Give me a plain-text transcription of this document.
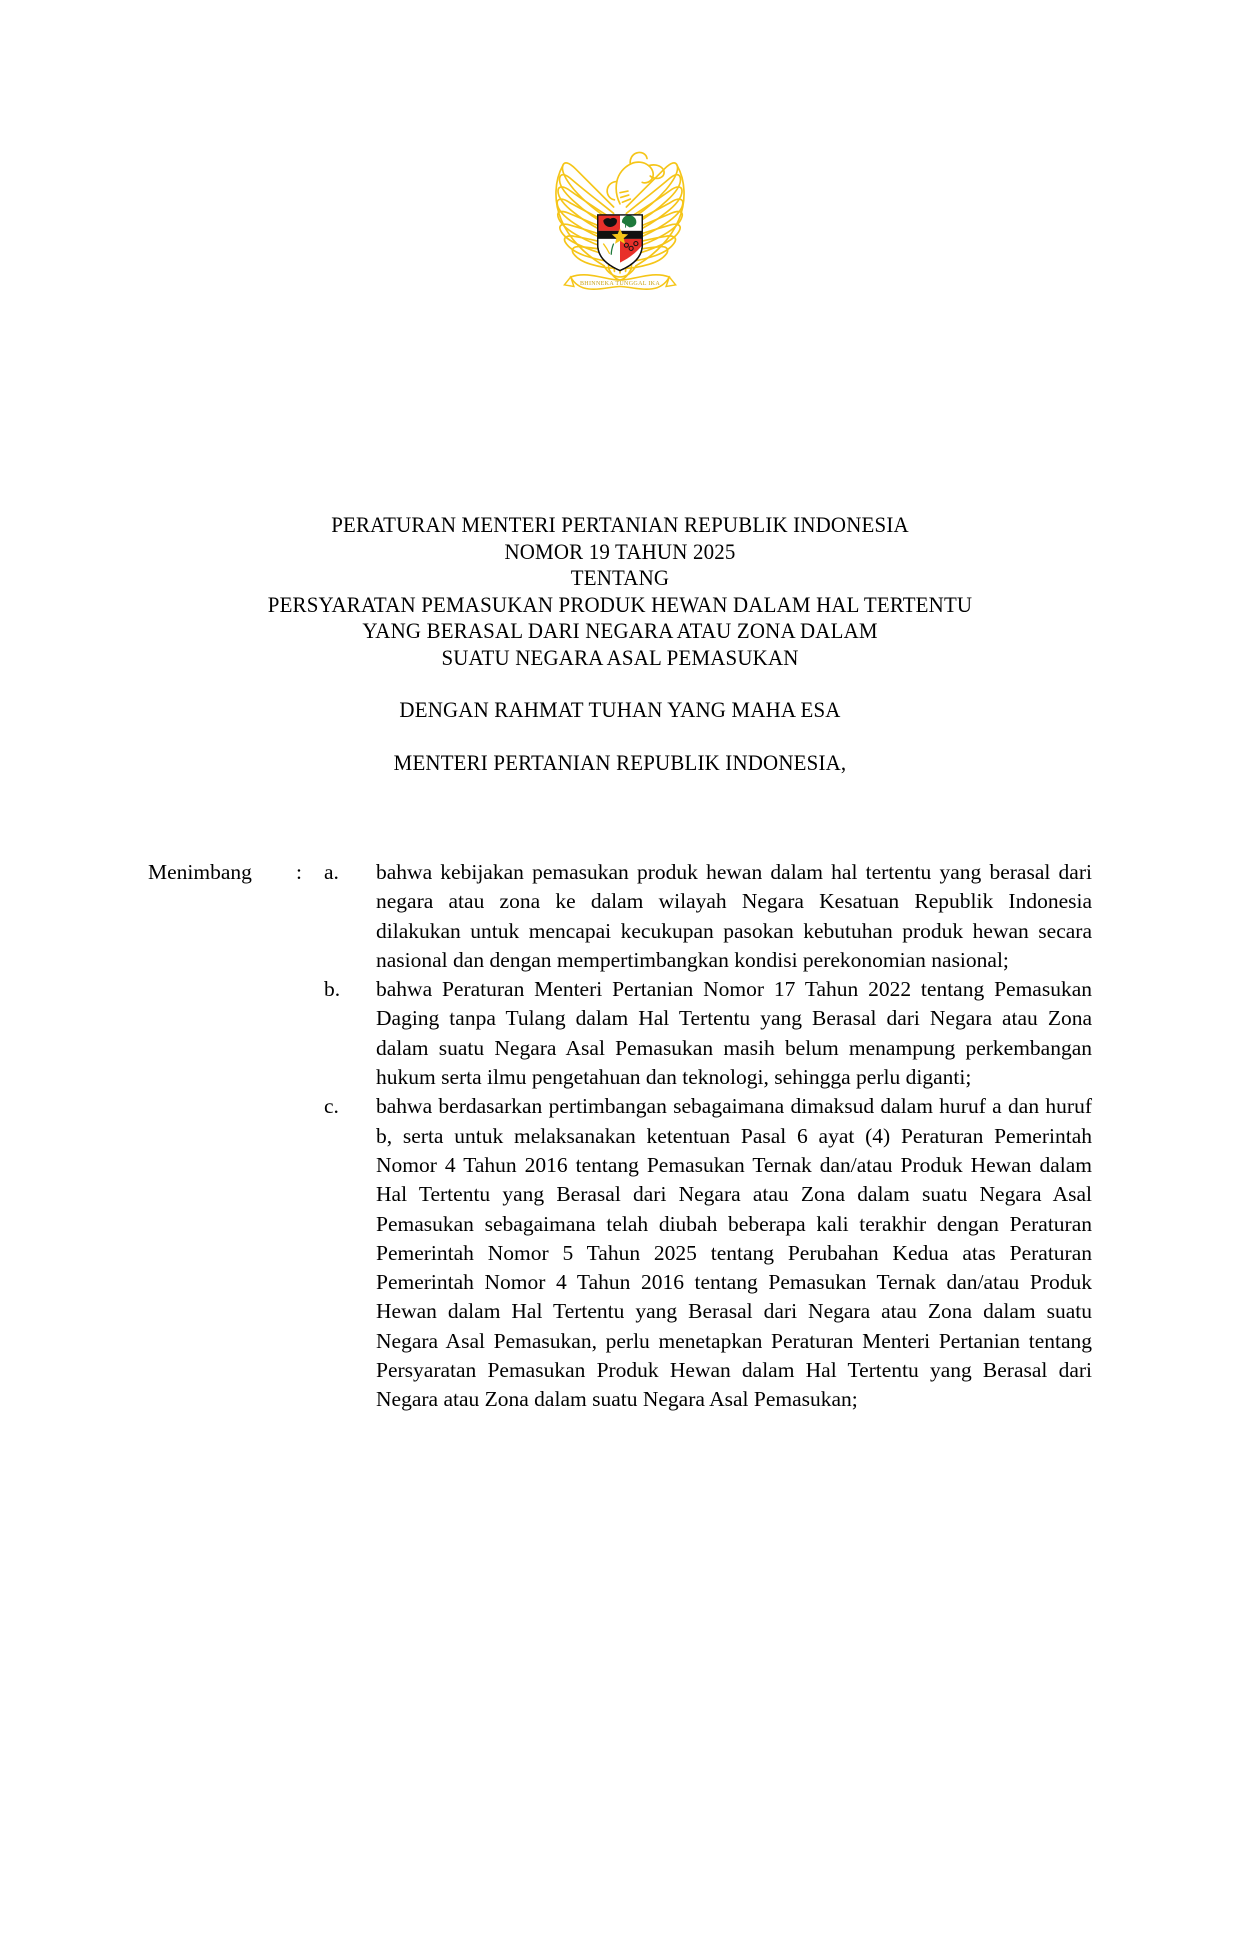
BHINNEKA TUNGGAL IKA
PERATURAN MENTERI PERTANIAN REPUBLIK INDONESIA
NOMOR 19 TAHUN 2025
TENTANG
PERSYARATAN PEMASUKAN PRODUK HEWAN DALAM HAL TERTENTU
YANG BERASAL DARI NEGARA ATAU ZONA DALAM
SUATU NEGARA ASAL PEMASUKAN
DENGAN RAHMAT TUHAN YANG MAHA ESA
MENTERI PERTANIAN REPUBLIK INDONESIA,
Menimbang	:	a.	bahwa kebijakan pemasukan produk hewan dalam hal tertentu yang berasal dari negara atau zona ke dalam wilayah Negara Kesatuan Republik Indonesia dilakukan untuk mencapai kecukupan pasokan kebutuhan produk hewan secara nasional dan dengan mempertimbangkan kondisi perekonomian nasional;
b.	bahwa Peraturan Menteri Pertanian Nomor 17 Tahun 2022 tentang Pemasukan Daging tanpa Tulang dalam Hal Tertentu yang Berasal dari Negara atau Zona dalam suatu Negara Asal Pemasukan masih belum menampung perkembangan hukum serta ilmu pengetahuan dan teknologi, sehingga perlu diganti;
c.	bahwa berdasarkan pertimbangan sebagaimana dimaksud dalam huruf a dan huruf b, serta untuk melaksanakan ketentuan Pasal 6 ayat (4) Peraturan Pemerintah Nomor 4 Tahun 2016 tentang Pemasukan Ternak dan/atau Produk Hewan dalam Hal Tertentu yang Berasal dari Negara atau Zona dalam suatu Negara Asal Pemasukan sebagaimana telah diubah beberapa kali terakhir dengan Peraturan Pemerintah Nomor 5 Tahun 2025 tentang Perubahan Kedua atas Peraturan Pemerintah Nomor 4 Tahun 2016 tentang Pemasukan Ternak dan/atau Produk Hewan dalam Hal Tertentu yang Berasal dari Negara atau Zona dalam suatu Negara Asal Pemasukan, perlu menetapkan Peraturan Menteri Pertanian tentang Persyaratan Pemasukan Produk Hewan dalam Hal Tertentu yang Berasal dari Negara atau Zona dalam suatu Negara Asal Pemasukan;
